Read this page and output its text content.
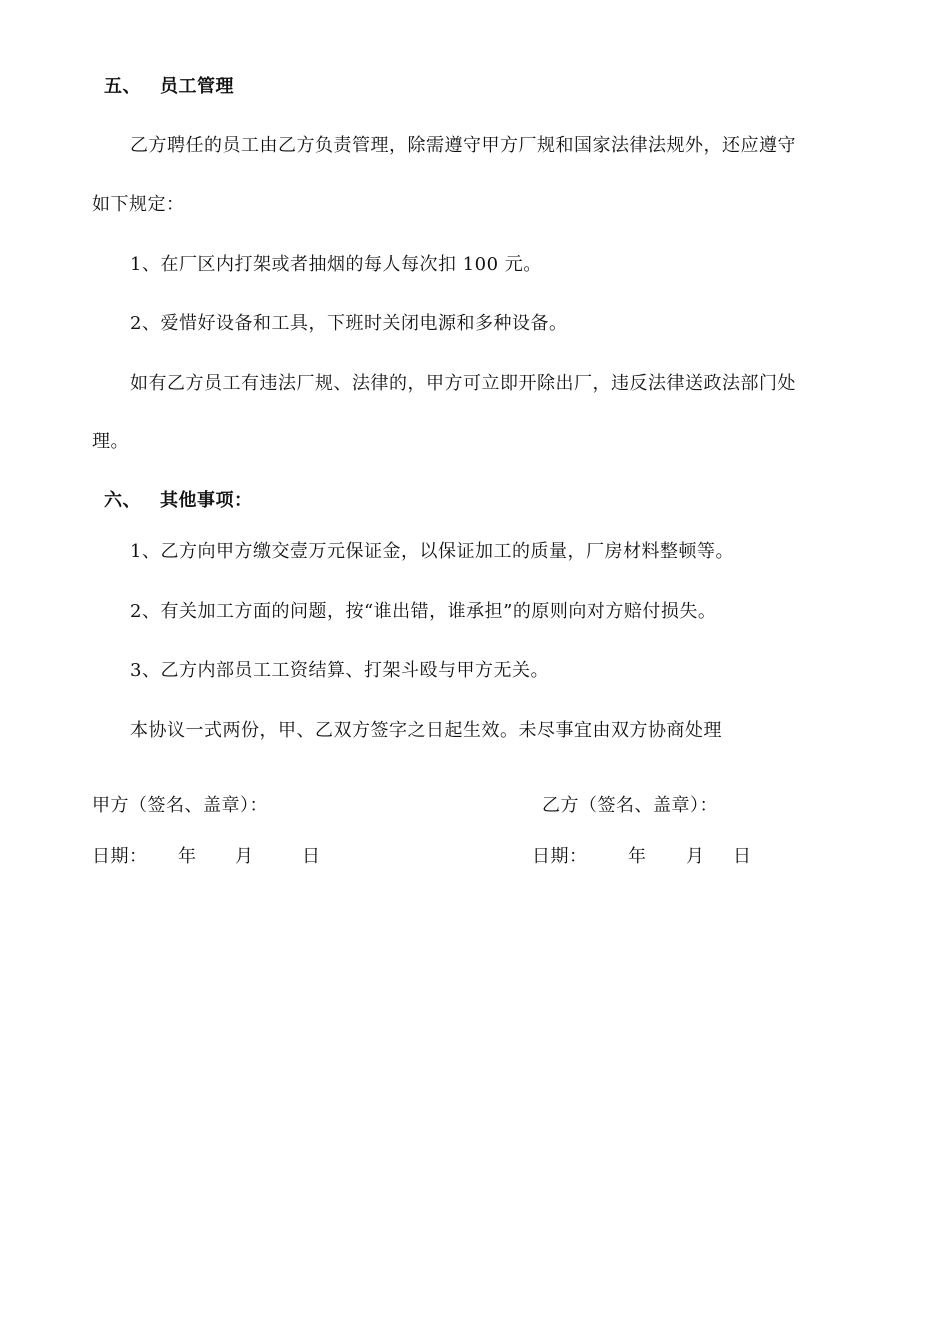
五、 员工管理
乙方聘任的员工由乙方负责管理，除需遵守甲方厂规和国家法律法规外，还应遵守
如下规定：
1、在厂区内打架或者抽烟的每人每次扣 100 元。
2、爱惜好设备和工具，下班时关闭电源和多种设备。
如有乙方员工有违法厂规、法律的，甲方可立即开除出厂，违反法律送政法部门处
理。
六、 其他事项：
1、乙方向甲方缴交壹万元保证金，以保证加工的质量，厂房材料整顿等。
2、有关加工方面的问题，按“谁出错，谁承担”的原则向对方赔付损失。
3、乙方内部员工工资结算、打架斗殴与甲方无关。
本协议一式两份，甲、乙双方签字之日起生效。未尽事宜由双方协商处理
甲方（签名、盖章）：	乙方（签名、盖章）：
日期： 年 月	日	日期： 年 月 日
